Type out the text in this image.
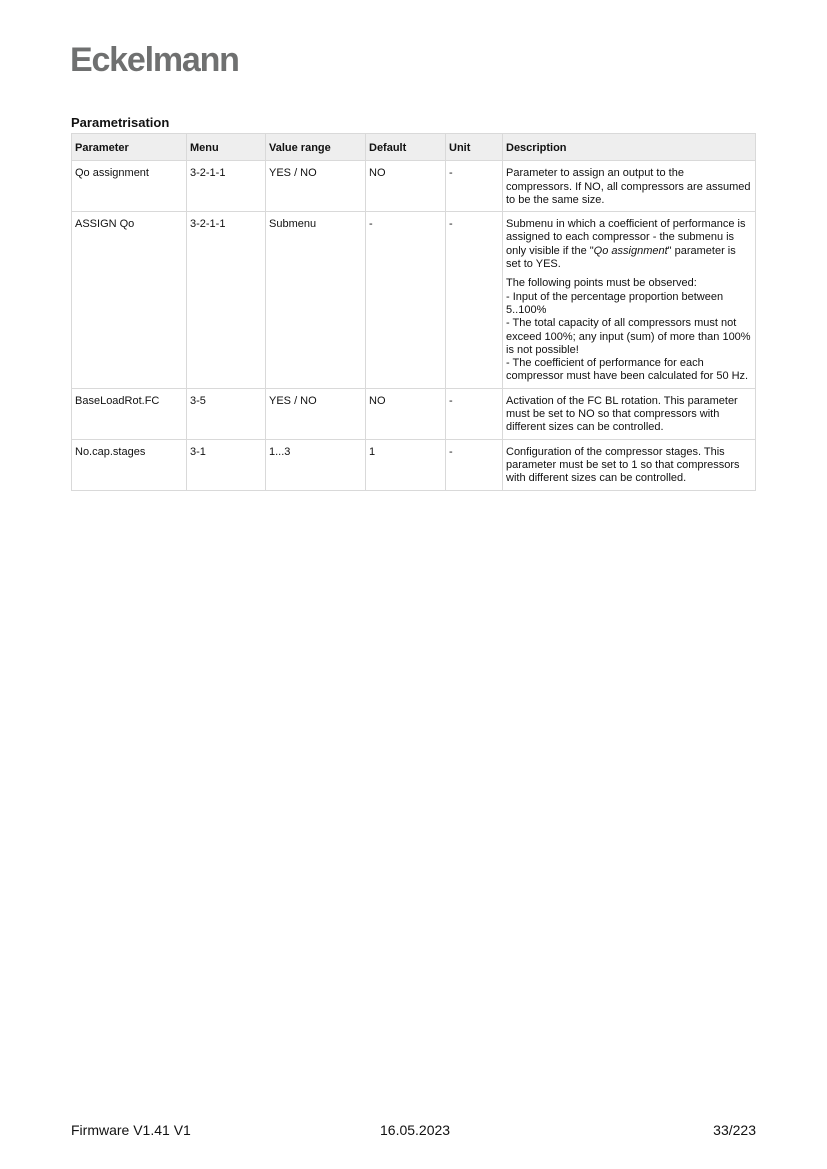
Eckelmann
Parametrisation
Parameter	Menu	Value range	Default	Unit	Description
Qo assignment	3-2-1-1	YES / NO	NO	-	Parameter to assign an output to the compressors. If NO, all compressors are assumed to be the same size.
ASSIGN Qo	3-2-1-1	Submenu	-	-	Submenu in which a coefficient of performance is assigned to each compressor - the submenu is only visible if the "Qo assignment" parameter is set to YES.
The following points must be observed:
- Input of the percentage proportion between 5..100%
- The total capacity of all compressors must not exceed 100%; any input (sum) of more than 100% is not possible!
- The coefficient of performance for each compressor must have been calculated for 50 Hz.

BaseLoadRot.FC	3-5	YES / NO	NO	-	Activation of the FC BL rotation. This parameter must be set to NO so that compressors with different sizes can be controlled.
No.cap.stages	3-1	1...3	1	-	Configuration of the compressor stages. This parameter must be set to 1 so that compressors with different sizes can be controlled.
Firmware V1.41 V1	16.05.2023	33/223
